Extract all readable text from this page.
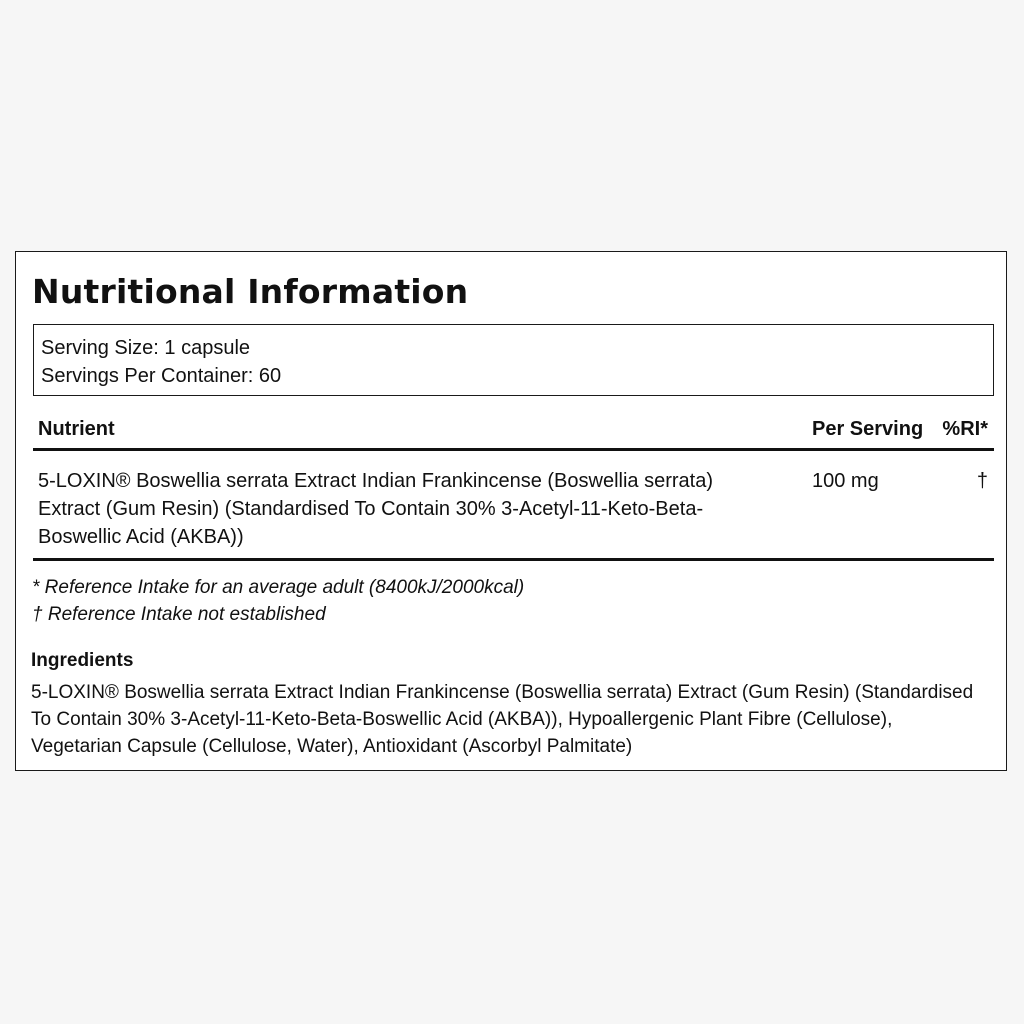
Nutritional Information
Serving Size: 1 capsule
Servings Per Container: 60
Nutrient	Per Serving %RI*
5-LOXIN® Boswellia serrata Extract Indian Frankincense (Boswellia serrata) Extract (Gum Resin) (Standardised To Contain 30% 3-Acetyl-11-Keto-Beta-Boswellic Acid (AKBA))
100 mg	†
* Reference Intake for an average adult (8400kJ/2000kcal)
† Reference Intake not established
Ingredients
5-LOXIN® Boswellia serrata Extract Indian Frankincense (Boswellia serrata) Extract (Gum Resin) (Standardised To Contain 30% 3-Acetyl-11-Keto-Beta-Boswellic Acid (AKBA)), Hypoallergenic Plant Fibre (Cellulose), Vegetarian Capsule (Cellulose, Water), Antioxidant (Ascorbyl Palmitate)
